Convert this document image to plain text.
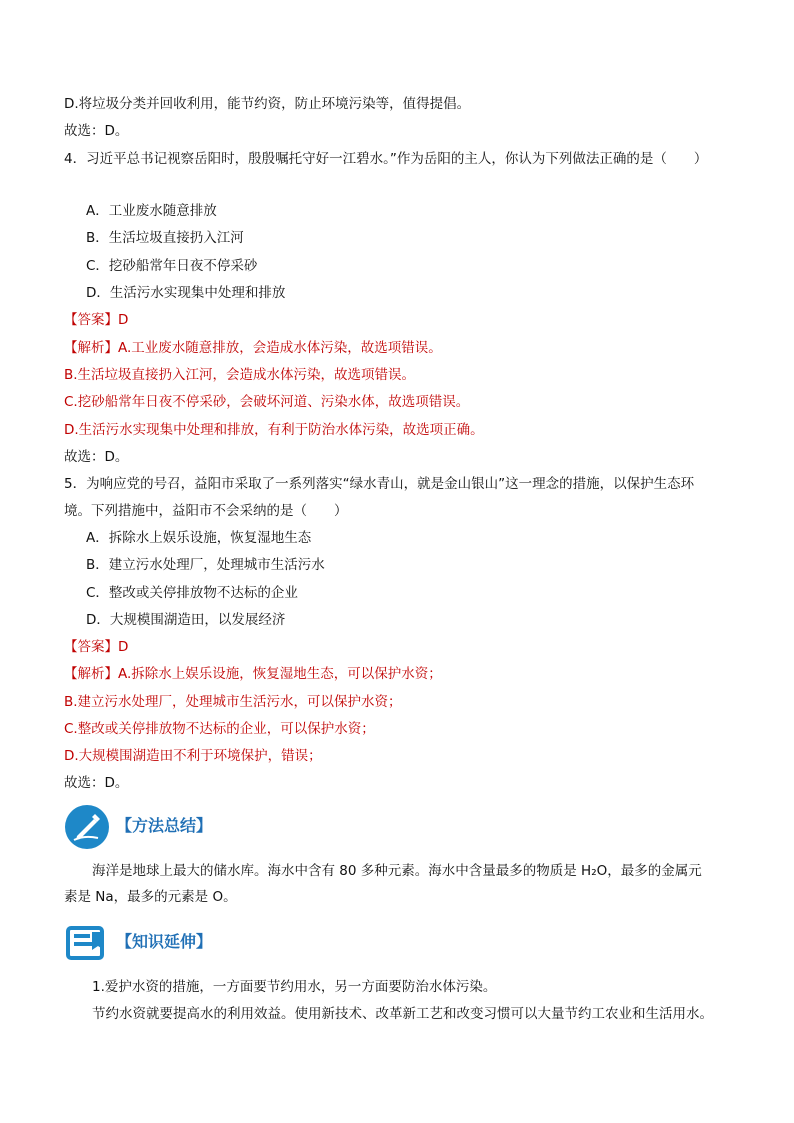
D.将垃圾分类并回收利用，能节约资，防止环境污染等，值得提倡。
故选：D。
4．习近平总书记视察岳阳时，殷殷嘱托守好一江碧水。”作为岳阳的主人，你认为下列做法正确的是（　　）
A．工业废水随意排放
B．生活垃圾直接扔入江河
C．挖砂船常年日夜不停采砂
D．生活污水实现集中处理和排放
【答案】D
【解析】A.工业废水随意排放，会造成水体污染，故选项错误。
B.生活垃圾直接扔入江河，会造成水体污染，故选项错误。
C.挖砂船常年日夜不停采砂，会破坏河道、污染水体，故选项错误。
D.生活污水实现集中处理和排放，有利于防治水体污染，故选项正确。
故选：D。
5．为响应党的号召，益阳市采取了一系列落实“绿水青山，就是金山银山”这一理念的措施，以保护生态环
境。下列措施中，益阳市不会采纳的是（　　）
A．拆除水上娱乐设施，恢复湿地生态
B．建立污水处理厂，处理城市生活污水
C．整改或关停排放物不达标的企业
D．大规模围湖造田，以发展经济
【答案】D
【解析】A.拆除水上娱乐设施，恢复湿地生态，可以保护水资；
B.建立污水处理厂，处理城市生活污水，可以保护水资；
C.整改或关停排放物不达标的企业，可以保护水资；
D.大规模围湖造田不利于环境保护，错误；
故选：D。
【方法总结】
海洋是地球上最大的储水库。海水中含有 80 多种元素。海水中含量最多的物质是 H₂O，最多的金属元
素是 Na，最多的元素是 O。
【知识延伸】
1.爱护水资的措施，一方面要节约用水，另一方面要防治水体污染。
节约水资就要提高水的利用效益。使用新技术、改革新工艺和改变习惯可以大量节约工农业和生活用水。
